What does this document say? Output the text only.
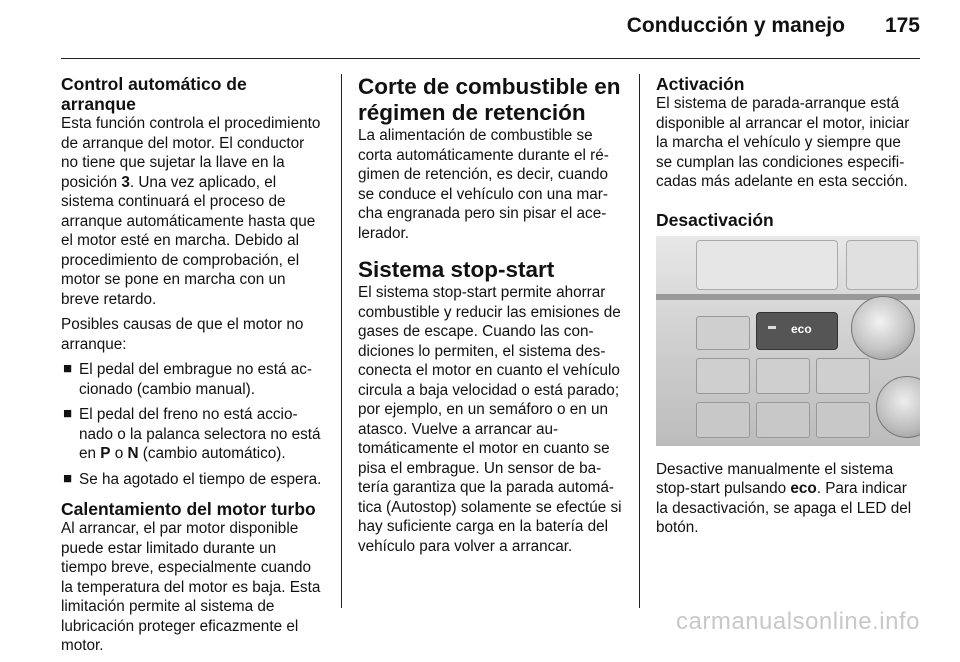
Conducción y manejo 175
Control automático de arranque

Esta función controla el procedimiento de arranque del motor. El conductor no tiene que sujetar la llave en la posición 3. Una vez aplicado, el sistema continuará el proceso de arranque automáticamente hasta que el motor esté en marcha. Debido al procedimiento de comprobación, el motor se pone en marcha con un breve retardo.

Posibles causas de que el motor no arranque:

■ El pedal del embrague no está accionado (cambio manual).
■ El pedal del freno no está accionado o la palanca selectora no está en P o N (cambio automático).
■ Se ha agotado el tiempo de espera.
Calentamiento del motor turbo

Al arrancar, el par motor disponible puede estar limitado durante un tiempo breve, especialmente cuando la temperatura del motor es baja. Esta limitación permite al sistema de lubricación proteger eficazmente el motor.

Corte de combustible en régimen de retención

La alimentación de combustible se corta automáticamente durante el régimen de retención, es decir, cuando se conduce el vehículo con una marcha engranada pero sin pisar el acelerador.

Sistema stop-start

El sistema stop-start permite ahorrar combustible y reducir las emisiones de gases de escape. Cuando las condiciones lo permiten, el sistema desconecta el motor en cuanto el vehículo circula a baja velocidad o está parado; por ejemplo, en un semáforo o en un atasco. Vuelve a arrancar automáticamente el motor en cuanto se pisa el embrague. Un sensor de batería garantiza que la parada automática (Autostop) solamente se efectúe si hay suficiente carga en la batería del vehículo para volver a arrancar.

Activación

El sistema de parada-arranque está disponible al arrancar el motor, iniciar la marcha el vehículo y siempre que se cumplan las condiciones especificadas más adelante en esta sección.

Desactivación
eco

Desactive manualmente el sistema stop-start pulsando eco. Para indicar la desactivación, se apaga el LED del botón.

carmanualsonline.info
